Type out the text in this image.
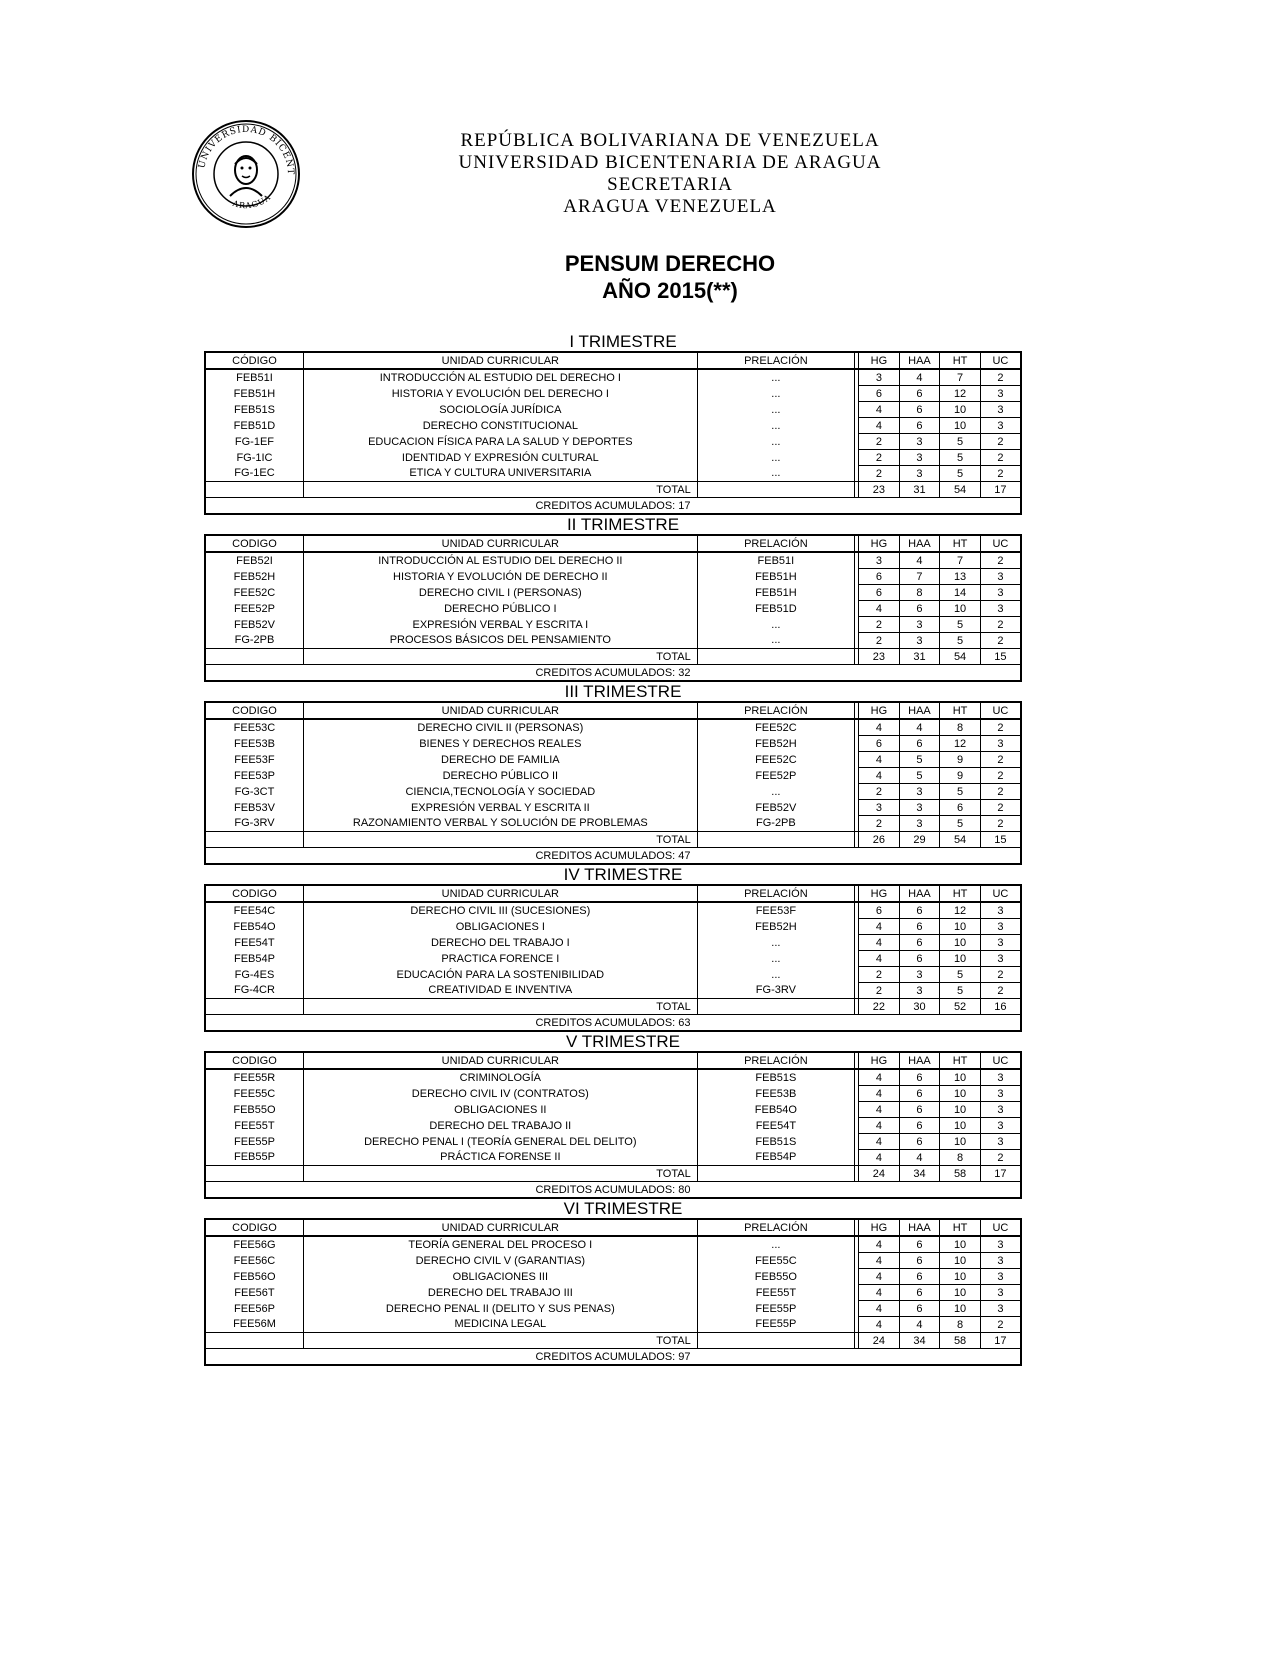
UNIVERSIDAD BICENT
ARAGUA
REPÚBLICA BOLIVARIANA DE VENEZUELA
UNIVERSIDAD BICENTENARIA DE ARAGUA
SECRETARIA
ARAGUA VENEZUELA
PENSUM DERECHO
AÑO 2015(**)
I TRIMESTRE
CÓDIGO	UNIDAD CURRICULAR	PRELACIÓN		HG	HAA	HT	UC
FEB51I	INTRODUCCIÓN AL ESTUDIO DEL DERECHO I	...		3	4	7	2
FEB51H	HISTORIA Y EVOLUCIÓN DEL DERECHO I	...		6	6	12	3
FEB51S	SOCIOLOGÍA JURÍDICA	...		4	6	10	3
FEB51D	DERECHO CONSTITUCIONAL	...		4	6	10	3
FG-1EF	EDUCACION FÍSICA PARA LA SALUD Y DEPORTES	...		2	3	5	2
FG-1IC	IDENTIDAD Y EXPRESIÓN CULTURAL	...		2	3	5	2
FG-1EC	ETICA Y CULTURA UNIVERSITARIA	...		2	3	5	2
	TOTAL			23	31	54	17
CREDITOS ACUMULADOS: 17							
II TRIMESTRE
CODIGO	UNIDAD CURRICULAR	PRELACIÓN		HG	HAA	HT	UC
FEB52I	INTRODUCCIÓN AL ESTUDIO DEL DERECHO II	FEB51I		3	4	7	2
FEB52H	HISTORIA Y EVOLUCIÓN DE DERECHO II	FEB51H		6	7	13	3
FEE52C	DERECHO CIVIL I (PERSONAS)	FEB51H		6	8	14	3
FEE52P	DERECHO PÚBLICO I	FEB51D		4	6	10	3
FEB52V	EXPRESIÓN VERBAL Y ESCRITA I	...		2	3	5	2
FG-2PB	PROCESOS BÁSICOS DEL PENSAMIENTO	...		2	3	5	2
	TOTAL			23	31	54	15
CREDITOS ACUMULADOS: 32							
III TRIMESTRE
CODIGO	UNIDAD CURRICULAR	PRELACIÓN		HG	HAA	HT	UC
FEE53C	DERECHO CIVIL II (PERSONAS)	FEE52C		4	4	8	2
FEE53B	BIENES Y DERECHOS REALES	FEB52H		6	6	12	3
FEE53F	DERECHO DE FAMILIA	FEE52C		4	5	9	2
FEE53P	DERECHO PÚBLICO II	FEE52P		4	5	9	2
FG-3CT	CIENCIA,TECNOLOGÍA Y SOCIEDAD	...		2	3	5	2
FEB53V	EXPRESIÓN VERBAL Y ESCRITA II	FEB52V		3	3	6	2
FG-3RV	RAZONAMIENTO VERBAL Y SOLUCIÓN DE PROBLEMAS	FG-2PB		2	3	5	2
	TOTAL			26	29	54	15
CREDITOS ACUMULADOS: 47							
IV TRIMESTRE
CODIGO	UNIDAD CURRICULAR	PRELACIÓN		HG	HAA	HT	UC
FEE54C	DERECHO CIVIL III (SUCESIONES)	FEE53F		6	6	12	3
FEB54O	OBLIGACIONES I	FEB52H		4	6	10	3
FEE54T	DERECHO DEL TRABAJO I	...		4	6	10	3
FEB54P	PRACTICA FORENCE I	...		4	6	10	3
FG-4ES	EDUCACIÓN PARA LA SOSTENIBILIDAD	...		2	3	5	2
FG-4CR	CREATIVIDAD E INVENTIVA	FG-3RV		2	3	5	2
	TOTAL			22	30	52	16
CREDITOS ACUMULADOS: 63							
V TRIMESTRE
CODIGO	UNIDAD CURRICULAR	PRELACIÓN		HG	HAA	HT	UC
FEE55R	CRIMINOLOGÍA	FEB51S		4	6	10	3
FEE55C	DERECHO CIVIL IV (CONTRATOS)	FEE53B		4	6	10	3
FEB55O	OBLIGACIONES II	FEB54O		4	6	10	3
FEE55T	DERECHO DEL TRABAJO II	FEE54T		4	6	10	3
FEE55P	DERECHO PENAL I (TEORÍA GENERAL DEL DELITO)	FEB51S		4	6	10	3
FEB55P	PRÁCTICA FORENSE II	FEB54P		4	4	8	2
	TOTAL			24	34	58	17
CREDITOS ACUMULADOS: 80							
VI TRIMESTRE
CODIGO	UNIDAD CURRICULAR	PRELACIÓN		HG	HAA	HT	UC
FEE56G	TEORÍA GENERAL DEL PROCESO I	...		4	6	10	3
FEE56C	DERECHO CIVIL V (GARANTIAS)	FEE55C		4	6	10	3
FEB56O	OBLIGACIONES III	FEB55O		4	6	10	3
FEE56T	DERECHO DEL TRABAJO III	FEE55T		4	6	10	3
FEE56P	DERECHO PENAL II (DELITO Y SUS PENAS)	FEE55P		4	6	10	3
FEE56M	MEDICINA LEGAL	FEE55P		4	4	8	2
	TOTAL			24	34	58	17
CREDITOS ACUMULADOS: 97							
